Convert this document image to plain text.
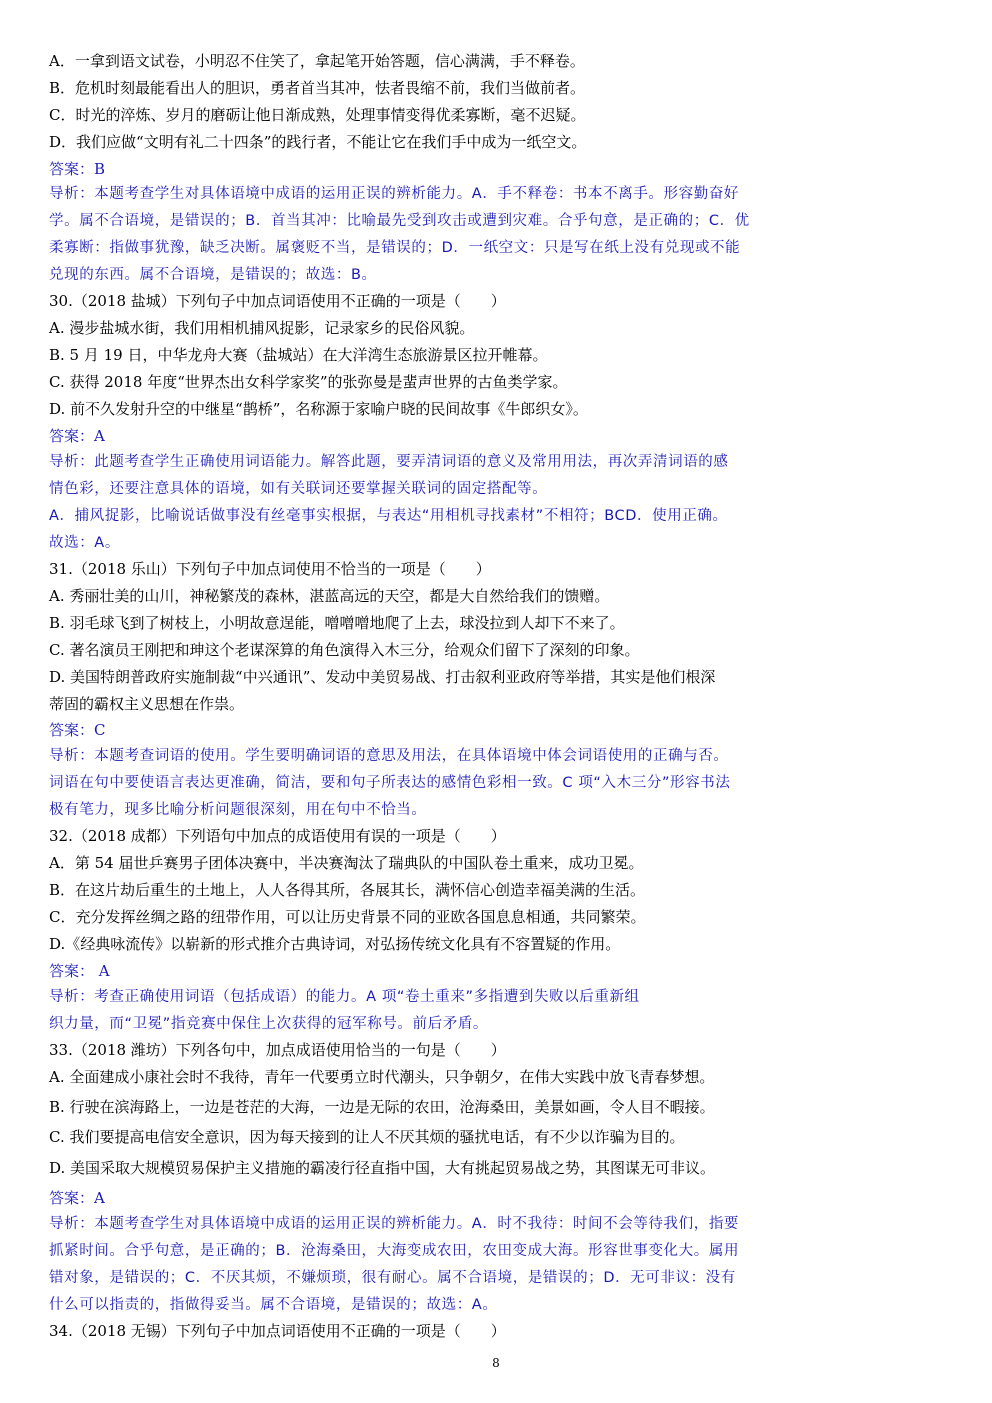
A．一拿到语文试卷，小明忍不住笑了，拿起笔开始答题，信心满满，手不释卷。
B．危机时刻最能看出人的胆识，勇者首当其冲，怯者畏缩不前，我们当做前者。
C．时光的淬炼、岁月的磨砺让他日渐成熟，处理事情变得优柔寡断，毫不迟疑。
D．我们应做“文明有礼二十四条”的践行者，不能让它在我们手中成为一纸空文。
答案：B
导析：本题考查学生对具体语境中成语的运用正误的辨析能力。A．手不释卷：书本不离手。形容勤奋好
学。属不合语境，是错误的；B．首当其冲：比喻最先受到攻击或遭到灾难。合乎句意，是正确的；C．优
柔寡断：指做事犹豫，缺乏决断。属褒贬不当，是错误的；D．一纸空文：只是写在纸上没有兑现或不能
兑现的东西。属不合语境，是错误的；故选：B。
30.（2018 盐城）下列句子中加点词语使用不正确的一项是（　　）
A. 漫步盐城水街，我们用相机捕风捉影，记录家乡的民俗风貌。
B. 5 月 19 日，中华龙舟大赛（盐城站）在大洋湾生态旅游景区拉开帷幕。
C. 获得 2018 年度“世界杰出女科学家奖”的张弥曼是蜚声世界的古鱼类学家。
D. 前不久发射升空的中继星“鹊桥”，名称源于家喻户晓的民间故事《牛郎织女》。
答案：A
导析：此题考查学生正确使用词语能力。解答此题，要弄清词语的意义及常用用法，再次弄清词语的感
情色彩，还要注意具体的语境，如有关联词还要掌握关联词的固定搭配等。
A．捕风捉影，比喻说话做事没有丝毫事实根据，与表达“用相机寻找素材”不相符；BCD．使用正确。
故选：A。
31.（2018 乐山）下列句子中加点词使用不恰当的一项是（　　）
A. 秀丽壮美的山川，神秘繁茂的森林，湛蓝高远的天空，都是大自然给我们的馈赠。
B. 羽毛球飞到了树枝上，小明故意逞能，噌噌噌地爬了上去，球没拉到人却下不来了。
C. 著名演员王刚把和珅这个老谋深算的角色演得入木三分，给观众们留下了深刻的印象。
D. 美国特朗普政府实施制裁“中兴通讯”、发动中美贸易战、打击叙利亚政府等举措，其实是他们根深
蒂固的霸权主义思想在作祟。
答案：C
导析：本题考查词语的使用。学生要明确词语的意思及用法，在具体语境中体会词语使用的正确与否。
词语在句中要使语言表达更准确，简洁，要和句子所表达的感情色彩相一致。C 项“入木三分”形容书法
极有笔力，现多比喻分析问题很深刻，用在句中不恰当。
32.（2018 成都）下列语句中加点的成语使用有误的一项是（　　）
A．第 54 届世乒赛男子团体决赛中，半决赛淘汰了瑞典队的中国队卷土重来，成功卫冕。
B．在这片劫后重生的土地上，人人各得其所，各展其长，满怀信心创造幸福美满的生活。
C．充分发挥丝绸之路的纽带作用，可以让历史背景不同的亚欧各国息息相通，共同繁荣。
D.《经典咏流传》以崭新的形式推介古典诗词，对弘扬传统文化具有不容置疑的作用。
答案： A
导析：考查正确使用词语（包括成语）的能力。A 项“卷土重来”多指遭到失败以后重新组
织力量，而“卫冕”指竞赛中保住上次获得的冠军称号。前后矛盾。
33.（2018 潍坊）下列各句中，加点成语使用恰当的一句是（　　）
A. 全面建成小康社会时不我待，青年一代要勇立时代潮头，只争朝夕，在伟大实践中放飞青春梦想。
B. 行驶在滨海路上，一边是苍茫的大海，一边是无际的农田，沧海桑田，美景如画，令人目不暇接。
C. 我们要提高电信安全意识，因为每天接到的让人不厌其烦的骚扰电话，有不少以诈骗为目的。
D. 美国采取大规模贸易保护主义措施的霸凌行径直指中国，大有挑起贸易战之势，其图谋无可非议。
答案：A
导析：本题考查学生对具体语境中成语的运用正误的辨析能力。A．时不我待：时间不会等待我们，指要
抓紧时间。合乎句意，是正确的；B．沧海桑田，大海变成农田，农田变成大海。形容世事变化大。属用
错对象，是错误的；C．不厌其烦，不嫌烦琐，很有耐心。属不合语境，是错误的；D．无可非议：没有
什么可以指责的，指做得妥当。属不合语境，是错误的；故选：A。
34.（2018 无锡）下列句子中加点词语使用不正确的一项是（　　）
8
